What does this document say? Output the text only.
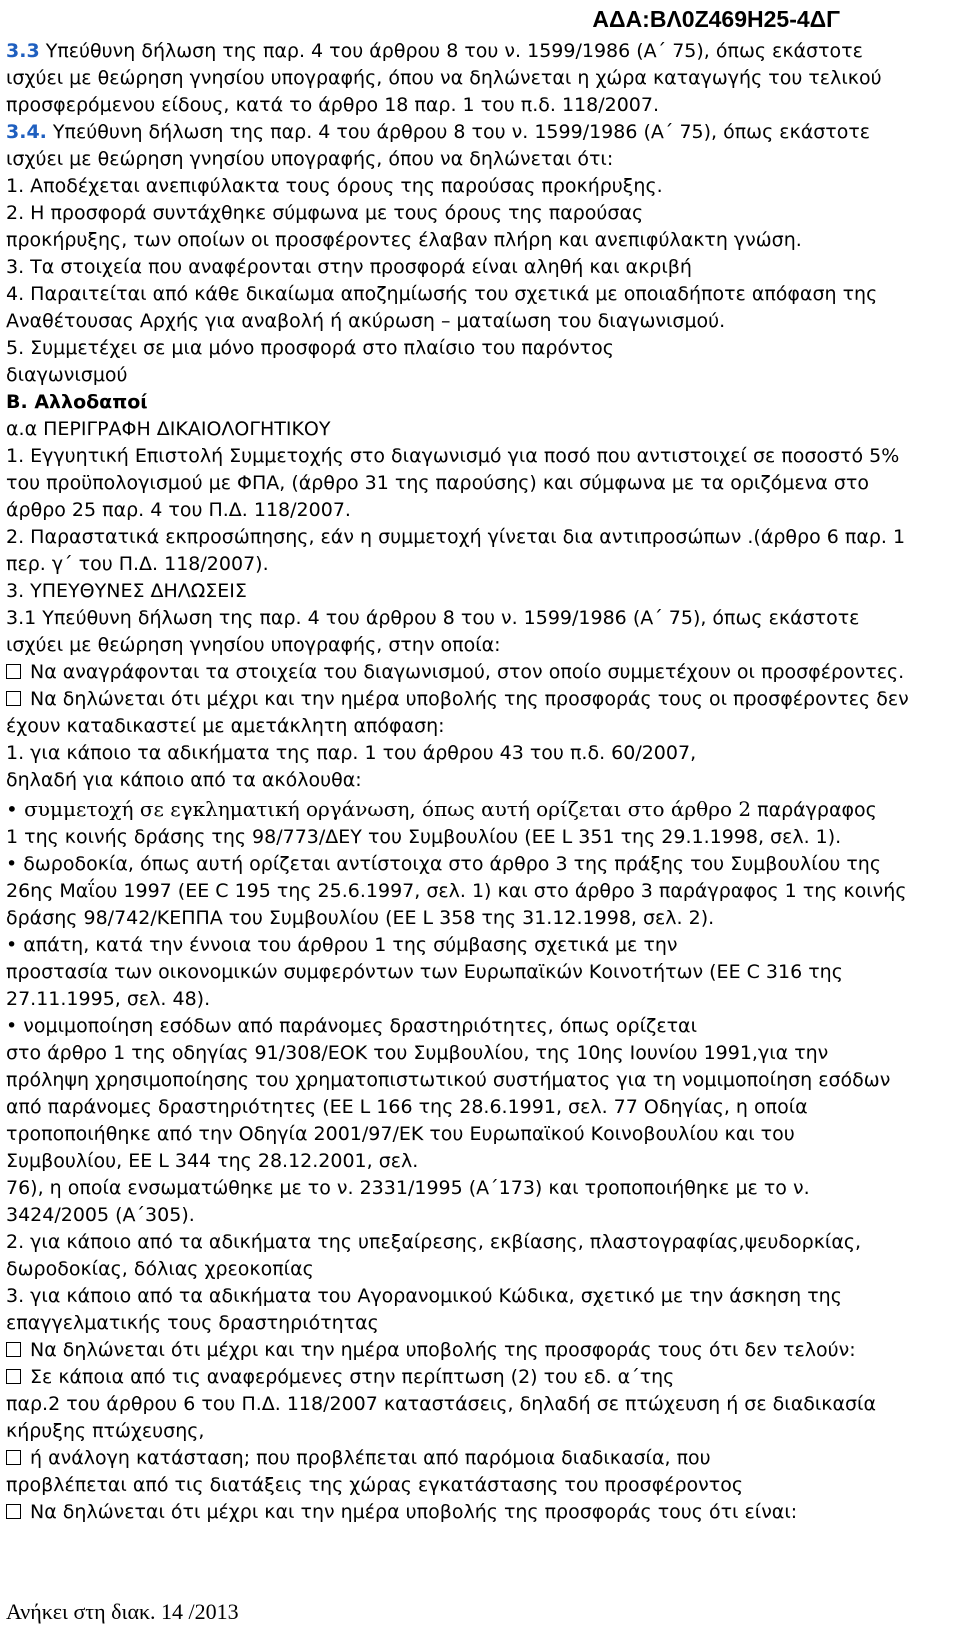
ΑΔΑ:ΒΛ0Ζ469Η25-4ΔΓ
3.3 Υπεύθυνη δήλωση της παρ. 4 του άρθρου 8 του ν. 1599/1986 (Α΄ 75), όπως εκάστοτε
ισχύει με θεώρηση γνησίου υπογραφής, όπου να δηλώνεται η χώρα καταγωγής του τελικού
προσφερόμενου είδους, κατά το άρθρο 18 παρ. 1 του π.δ. 118/2007.
3.4. Υπεύθυνη δήλωση της παρ. 4 του άρθρου 8 του ν. 1599/1986 (Α΄ 75), όπως εκάστοτε
ισχύει με θεώρηση γνησίου υπογραφής, όπου να δηλώνεται ότι:
1. Αποδέχεται ανεπιφύλακτα τους όρους της παρούσας προκήρυξης.
2. Η προσφορά συντάχθηκε σύμφωνα με τους όρους της παρούσας
προκήρυξης, των οποίων οι προσφέροντες έλαβαν πλήρη και ανεπιφύλακτη γνώση.
3. Τα στοιχεία που αναφέρονται στην προσφορά είναι αληθή και ακριβή
4. Παραιτείται από κάθε δικαίωμα αποζημίωσής του σχετικά με οποιαδήποτε απόφαση της
Αναθέτουσας Αρχής για αναβολή ή ακύρωση – ματαίωση του διαγωνισμού.
5. Συμμετέχει σε μια μόνο προσφορά στο πλαίσιο του παρόντος
διαγωνισμού
Β. Αλλοδαποί
α.α ΠΕΡΙΓΡΑΦΗ ΔΙΚΑΙΟΛΟΓΗΤΙΚΟΥ
1. Εγγυητική Επιστολή Συμμετοχής στο διαγωνισμό για ποσό που αντιστοιχεί σε ποσοστό 5%
του προϋπολογισμού με ΦΠΑ, (άρθρο 31 της παρούσης) και σύμφωνα με τα οριζόμενα στο
άρθρο 25 παρ. 4 του Π.Δ. 118/2007.
2. Παραστατικά εκπροσώπησης, εάν η συμμετοχή γίνεται δια αντιπροσώπων .(άρθρο 6 παρ. 1
περ. γ΄ του Π.Δ. 118/2007).
3. ΥΠΕΥΘΥΝΕΣ ΔΗΛΩΣΕΙΣ
3.1 Υπεύθυνη δήλωση της παρ. 4 του άρθρου 8 του ν. 1599/1986 (Α΄ 75), όπως εκάστοτε
ισχύει με θεώρηση γνησίου υπογραφής, στην οποία:
Να αναγράφονται τα στοιχεία του διαγωνισμού, στον οποίο συμμετέχουν οι προσφέροντες.
Να δηλώνεται ότι μέχρι και την ημέρα υποβολής της προσφοράς τους οι προσφέροντες δεν
έχουν καταδικαστεί με αμετάκλητη απόφαση:
1. για κάποιο τα αδικήματα της παρ. 1 του άρθρου 43 του π.δ. 60/2007,
δηλαδή για κάποιο από τα ακόλουθα:
• συμμετοχή σε εγκληματική οργάνωση, όπως αυτή ορίζεται στο άρθρο 2 παράγραφος
1 της κοινής δράσης της 98/773/ΔΕΥ του Συμβουλίου (ΕΕ L 351 της 29.1.1998, σελ. 1).
• δωροδοκία, όπως αυτή ορίζεται αντίστοιχα στο άρθρο 3 της πράξης του Συμβουλίου της
26ης Μαΐου 1997 (ΕΕ C 195 της 25.6.1997, σελ. 1) και στο άρθρο 3 παράγραφος 1 της κοινής
δράσης 98/742/ΚΕΠΠΑ του Συμβουλίου (ΕΕ L 358 της 31.12.1998, σελ. 2).
• απάτη, κατά την έννοια του άρθρου 1 της σύμβασης σχετικά με την
προστασία των οικονομικών συμφερόντων των Ευρωπαϊκών Κοινοτήτων (ΕΕ C 316 της
27.11.1995, σελ. 48).
• νομιμοποίηση εσόδων από παράνομες δραστηριότητες, όπως ορίζεται
στο άρθρο 1 της οδηγίας 91/308/ΕΟΚ του Συμβουλίου, της 10ης Ιουνίου 1991,για την
πρόληψη χρησιμοποίησης του χρηματοπιστωτικού συστήματος για τη νομιμοποίηση εσόδων
από παράνομες δραστηριότητες (ΕΕ L 166 της 28.6.1991, σελ. 77 Οδηγίας, η οποία
τροποποιήθηκε από την Οδηγία 2001/97/ΕΚ του Ευρωπαϊκού Κοινοβουλίου και του
Συμβουλίου, ΕΕ L 344 της 28.12.2001, σελ.
76), η οποία ενσωματώθηκε με το ν. 2331/1995 (Α΄173) και τροποποιήθηκε με το ν.
3424/2005 (Α΄305).
2. για κάποιο από τα αδικήματα της υπεξαίρεσης, εκβίασης, πλαστογραφίας,ψευδορκίας,
δωροδοκίας, δόλιας χρεοκοπίας
3. για κάποιο από τα αδικήματα του Αγορανομικού Κώδικα, σχετικό με την άσκηση της
επαγγελματικής τους δραστηριότητας
Να δηλώνεται ότι μέχρι και την ημέρα υποβολής της προσφοράς τους ότι δεν τελούν:
Σε κάποια από τις αναφερόμενες στην περίπτωση (2) του εδ. α΄της
παρ.2 του άρθρου 6 του Π.Δ. 118/2007 καταστάσεις, δηλαδή σε πτώχευση ή σε διαδικασία
κήρυξης πτώχευσης,
ή ανάλογη κατάσταση; που προβλέπεται από παρόμοια διαδικασία, που
προβλέπεται από τις διατάξεις της χώρας εγκατάστασης του προσφέροντος
Να δηλώνεται ότι μέχρι και την ημέρα υποβολής της προσφοράς τους ότι είναι:
Ανήκει στη διακ. 14 /2013
